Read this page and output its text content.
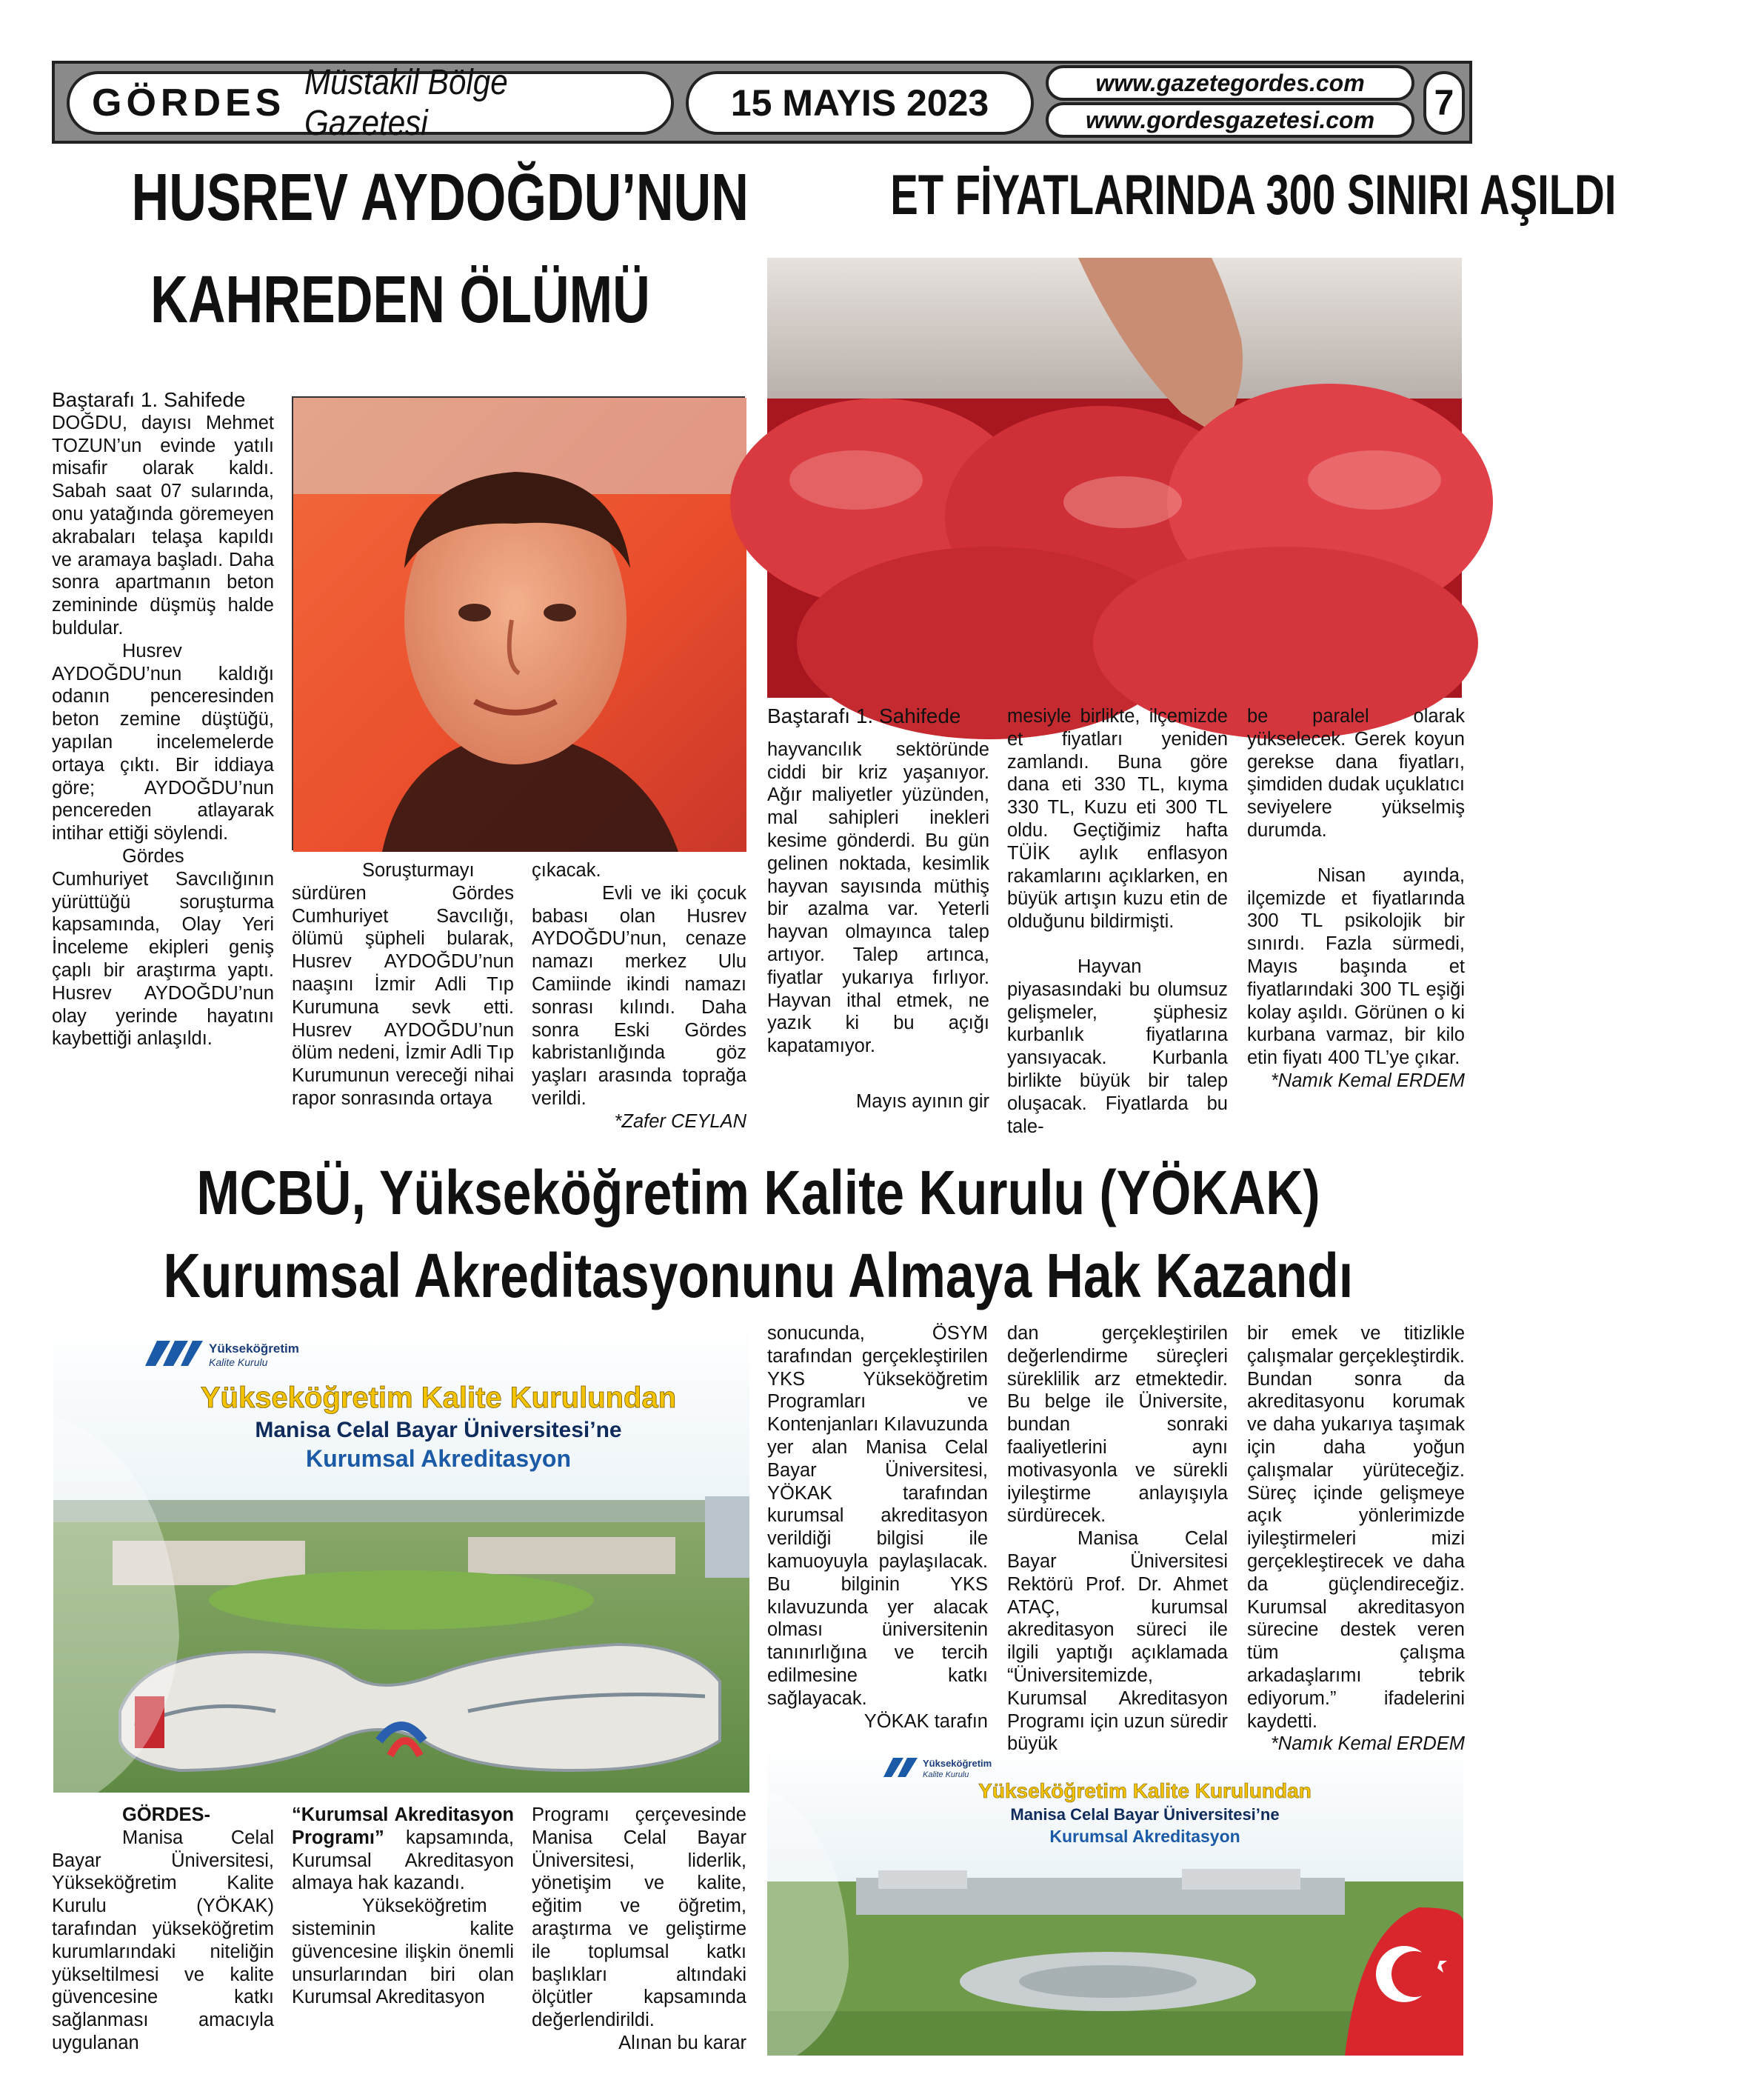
GÖRDES Müstakil Bölge Gazetesi	15 MAYIS 2023	www.gazetegordes.com
www.gordesgazetesi.com	7
HUSREV AYDOĞDU’NUN
KAHREDEN ÖLÜMÜ
ET FİYATLARINDA 300 SINIRI AŞILDI

Baştarafı 1. Sahifede

DOĞDU, dayısı Mehmet TOZUN’un evinde yatılı misafir olarak kaldı. Sabah saat 07 sularında, onu yatağında göremeyen akrabaları telaşa kapıldı ve aramaya başladı. Daha sonra apartmanın beton zemininde düşmüş halde buldular.

Husrev AYDOĞDU’nun kaldığı odanın penceresinden beton zemine düştüğü, yapılan incelemelerde ortaya çıktı. Bir iddiaya göre; AYDOĞDU’nun pencereden atlayarak intihar ettiği söylendi.

Gördes Cumhuriyet Savcılığının yürüttüğü soruşturma kapsamında, Olay Yeri İnceleme ekipleri geniş çaplı bir araştırma yaptı. Husrev AYDOĞDU’nun olay yerinde hayatını kaybettiği anlaşıldı.

Soruşturmayı sürdüren Gördes Cumhuriyet Savcılığı, ölümü şüpheli bularak, Husrev AYDOĞDU’nun naaşını İzmir Adli Tıp Kurumuna sevk etti. Husrev AYDOĞDU’nun ölüm nedeni, İzmir Adli Tıp Kurumunun vereceği nihai rapor sonrasında ortaya

çıkacak.

Evli ve iki çocuk babası olan Husrev AYDOĞDU’nun, cenaze namazı merkez Ulu Camiinde ikindi namazı sonrası kılındı. Daha sonra Eski Gördes kabristanlığında göz yaşları arasında toprağa verildi.

*Zafer CEYLAN

Baştarafı 1. Sahifede

hayvancılık sektöründe ciddi bir kriz yaşanıyor. Ağır maliyetler yüzünden, mal sahipleri inekleri kesime gönderdi. Bu gün gelinen noktada, kesimlik hayvan sayısında müthiş bir azalma var. Yeterli hayvan olmayınca talep artıyor. Talep artınca, fiyatlar yukarıya fırlıyor. Hayvan ithal etmek, ne yazık ki bu açığı kapatamıyor.

Mayıs ayının gir

mesiyle birlikte, ilçemizde et fiyatları yeniden zamlandı. Buna göre dana eti 330 TL, kıyma 330 TL, Kuzu eti 300 TL oldu. Geçtiğimiz hafta TÜİK aylık enflasyon rakamlarını açıklarken, en büyük artışın kuzu etin de olduğunu bildirmişti.

Hayvan piyasasındaki bu olumsuz gelişmeler, şüphesiz kurbanlık fiyatlarına yansıyacak. Kurbanla birlikte büyük bir talep oluşacak. Fiyatlarda bu tale-

be paralel olarak yükselecek. Gerek koyun gerekse dana fiyatları, şimdiden dudak uçuklatıcı seviyelere yükselmiş durumda.

Nisan ayında, ilçemizde et fiyatlarında 300 TL psikolojik bir sınırdı. Fazla sürmedi, Mayıs başında et fiyatlarındaki 300 TL eşiği kolay aşıldı. Görünen o ki kurbana varmaz, bir kilo etin fiyatı 400 TL’ye çıkar.

*Namık Kemal ERDEM

MCBÜ, Yükseköğretim Kalite Kurulu (YÖKAK)
Kurumsal Akreditasyonunu Almaya Hak Kazandı
Yükseköğretim
Kalite Kurulu
Yükseköğretim Kalite Kurulundan
Manisa Celal Bayar Üniversitesi’ne
Kurumsal Akreditasyon
Yükseköğretim
Kalite Kurulu
Yükseköğretim Kalite Kurulundan
Manisa Celal Bayar Üniversitesi’ne
Kurumsal Akreditasyon

sonucunda, ÖSYM tarafından gerçekleştirilen YKS Yükseköğretim Programları ve Kontenjanları Kılavuzunda yer alan Manisa Celal Bayar Üniversitesi, YÖKAK tarafından kurumsal akreditasyon verildiği bilgisi ile kamuoyuyla paylaşılacak. Bu bilginin YKS kılavuzunda yer alacak olması üniversitenin tanınırlığına ve tercih edilmesine katkı sağlayacak.

YÖKAK tarafın

dan gerçekleştirilen değerlendirme süreçleri süreklilik arz etmektedir. Bu belge ile Üniversite, bundan sonraki faaliyetlerini aynı motivasyonla ve sürekli iyileştirme anlayışıyla sürdürecek.

Manisa Celal Bayar Üniversitesi Rektörü Prof. Dr. Ahmet ATAÇ, kurumsal akreditasyon süreci ile ilgili yaptığı açıklamada “Üniversitemizde, Kurumsal Akreditasyon Programı için uzun süredir büyük

bir emek ve titizlikle çalışmalar gerçekleştirdik. Bundan sonra da akreditasyonu korumak ve daha yukarıya taşımak için daha yoğun çalışmalar yürüteceğiz. Süreç içinde gelişmeye açık yönlerimizde iyileştirmeleri mizi gerçekleştirecek ve daha da güçlendireceğiz. Kurumsal akreditasyon sürecine destek veren tüm çalışma arkadaşlarımı tebrik ediyorum.” ifadelerini kaydetti.

*Namık Kemal ERDEM

GÖRDES-

Manisa Celal Bayar Üniversitesi, Yükseköğretim Kalite Kurulu (YÖKAK) tarafından yükseköğretim kurumlarındaki niteliğin yükseltilmesi ve kalite güvencesine katkı sağlanması amacıyla uygulanan

“Kurumsal Akreditasyon Programı” kapsamında, Kurumsal Akreditasyon almaya hak kazandı.

Yükseköğretim sisteminin kalite güvencesine ilişkin önemli unsurlarından biri olan Kurumsal Akreditasyon

Programı çerçevesinde Manisa Celal Bayar Üniversitesi, liderlik, yönetişim ve kalite, eğitim ve öğretim, araştırma ve geliştirme ile toplumsal katkı başlıkları altındaki ölçütler kapsamında değerlendirildi.

Alınan bu karar
